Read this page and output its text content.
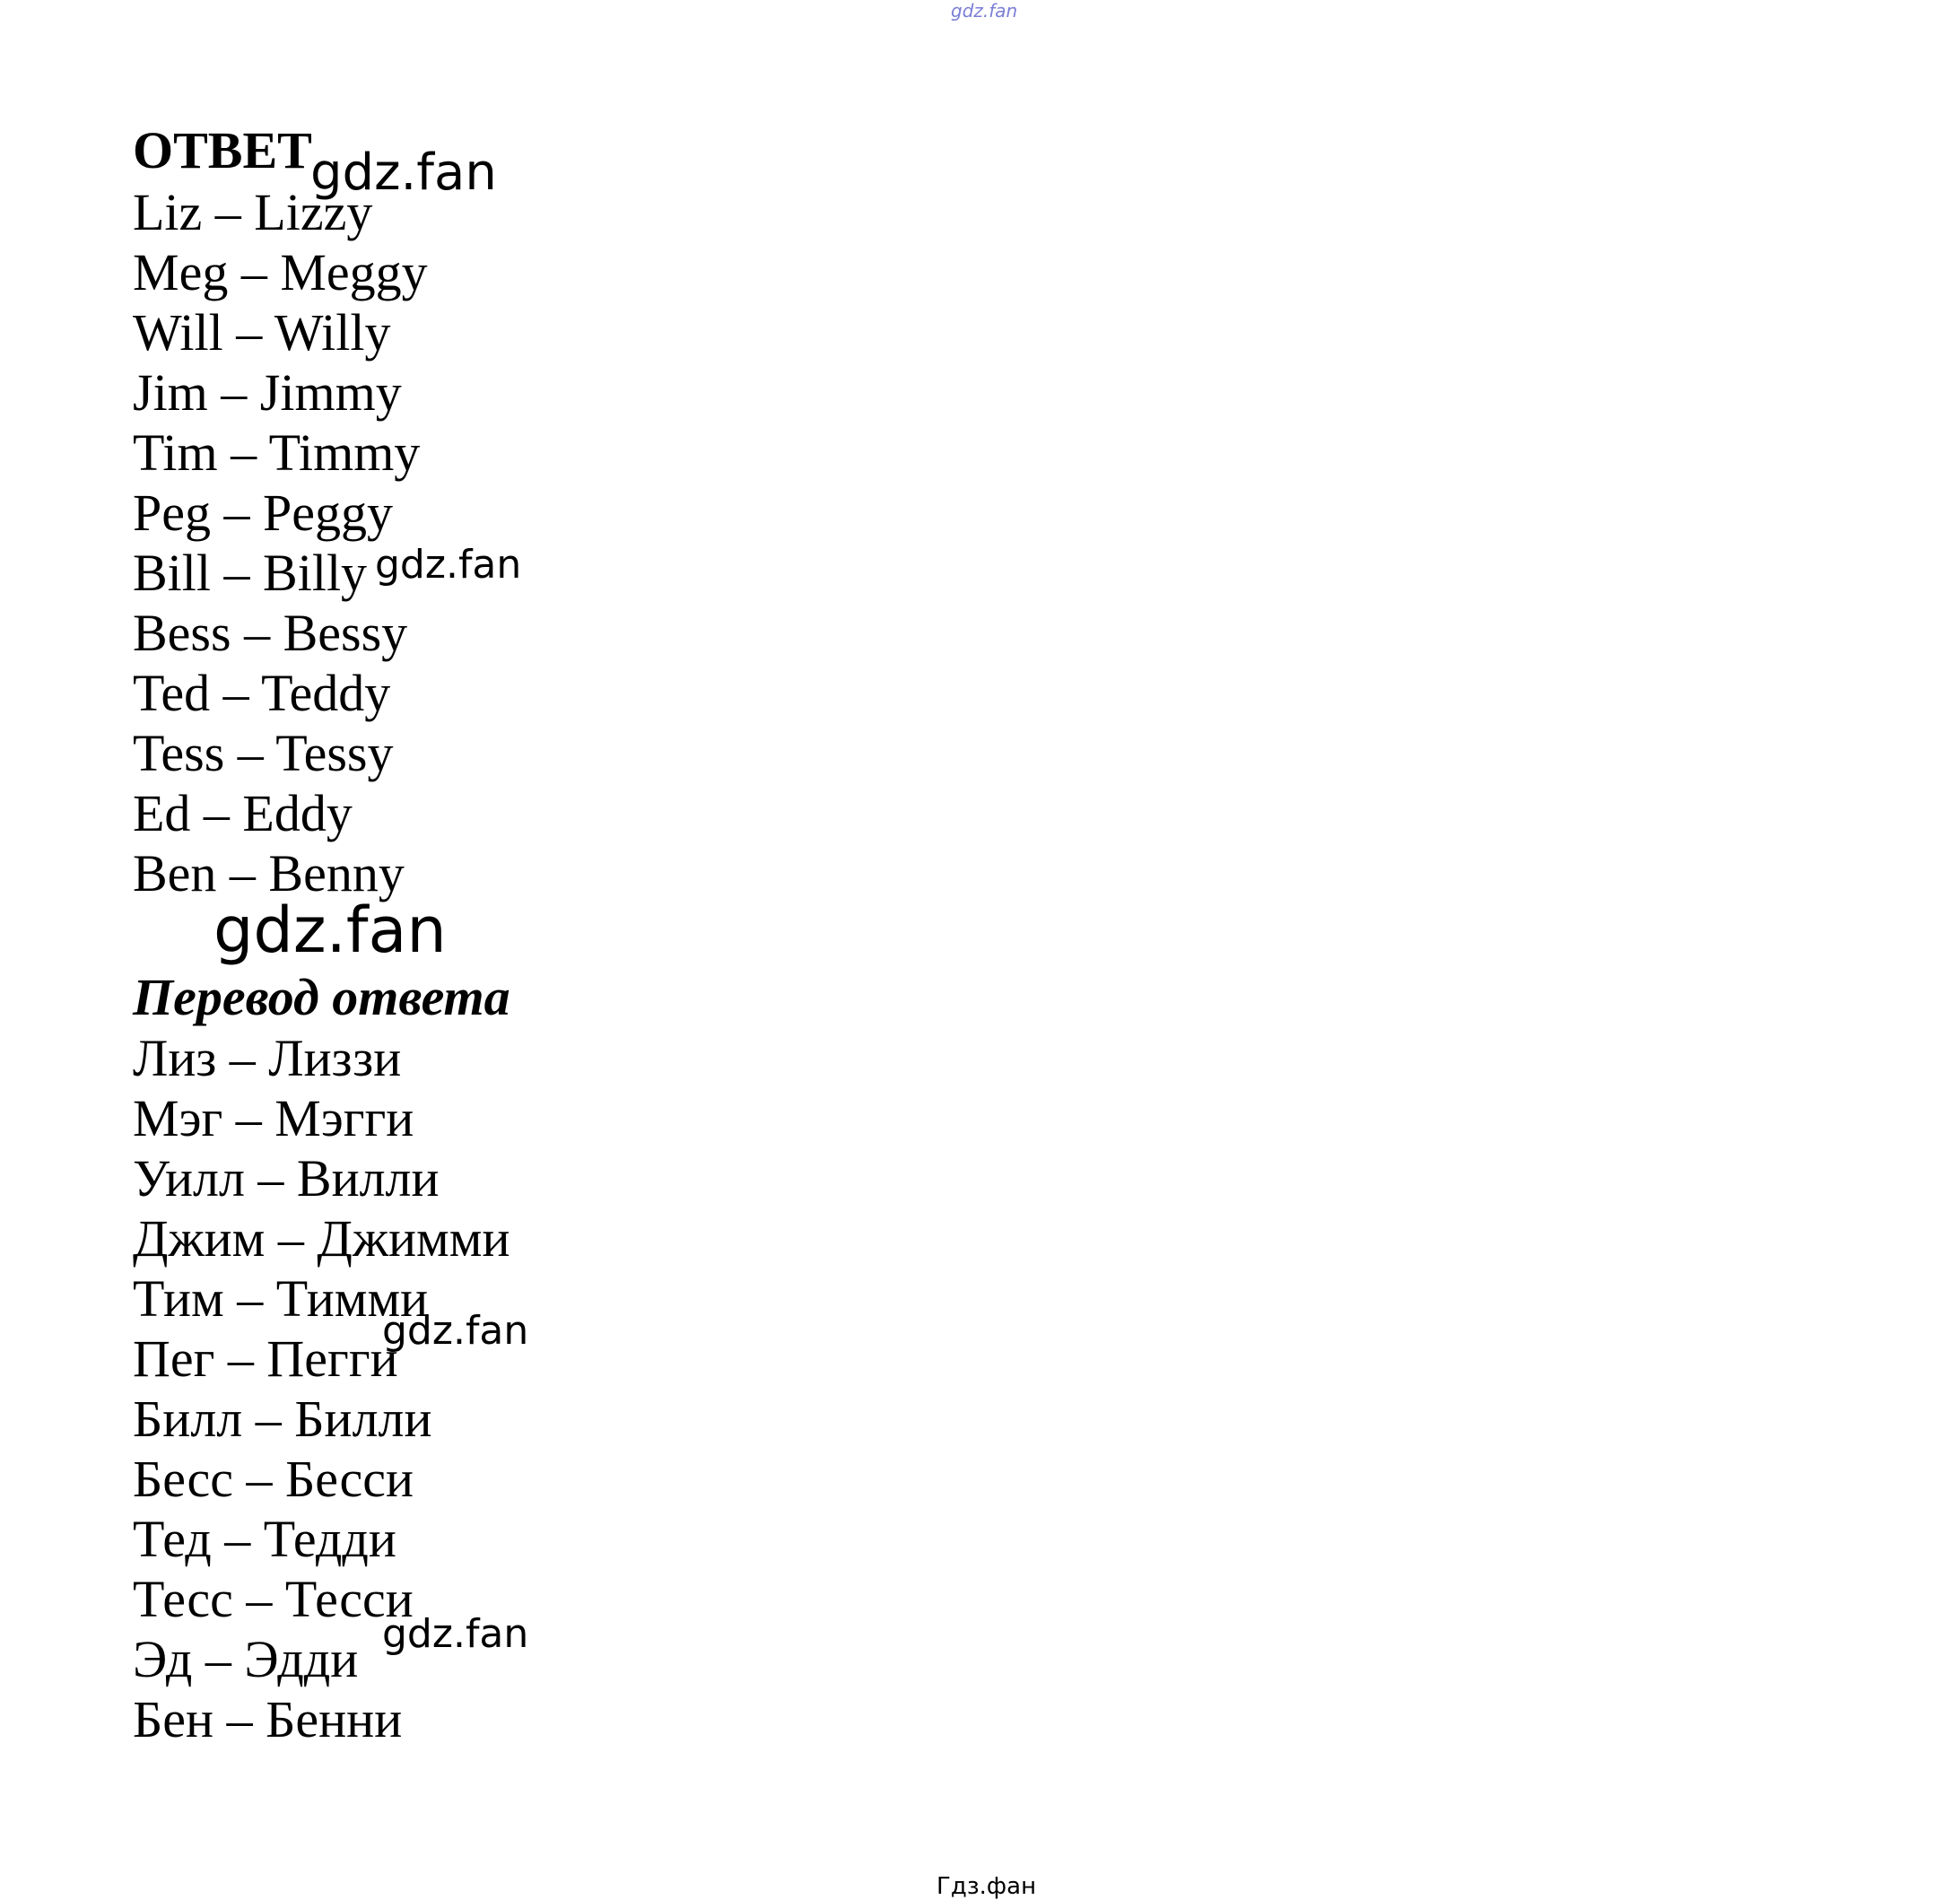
gdz.fan
ОТВЕТ
Liz – Lizzy
Meg – Meggy
Will – Willy
Jim – Jimmy
Tim – Timmy
Peg – Peggy
Bill – Billy
Bess – Bessy
Ted – Teddy
Tess – Tessy
Ed – Eddy
Ben – Benny
Перевод ответа
Лиз – Лиззи
Мэг – Мэгги
Уилл – Вилли
Джим – Джимми
Тим – Тимми
Пег – Пегги
Билл – Билли
Бесс – Бесси
Тед – Тедди
Тесс – Тесси
Эд – Эдди
Бен – Бенни
gdz.fan
gdz.fan
gdz.fan
gdz.fan
gdz.fan
Гдз.фан
